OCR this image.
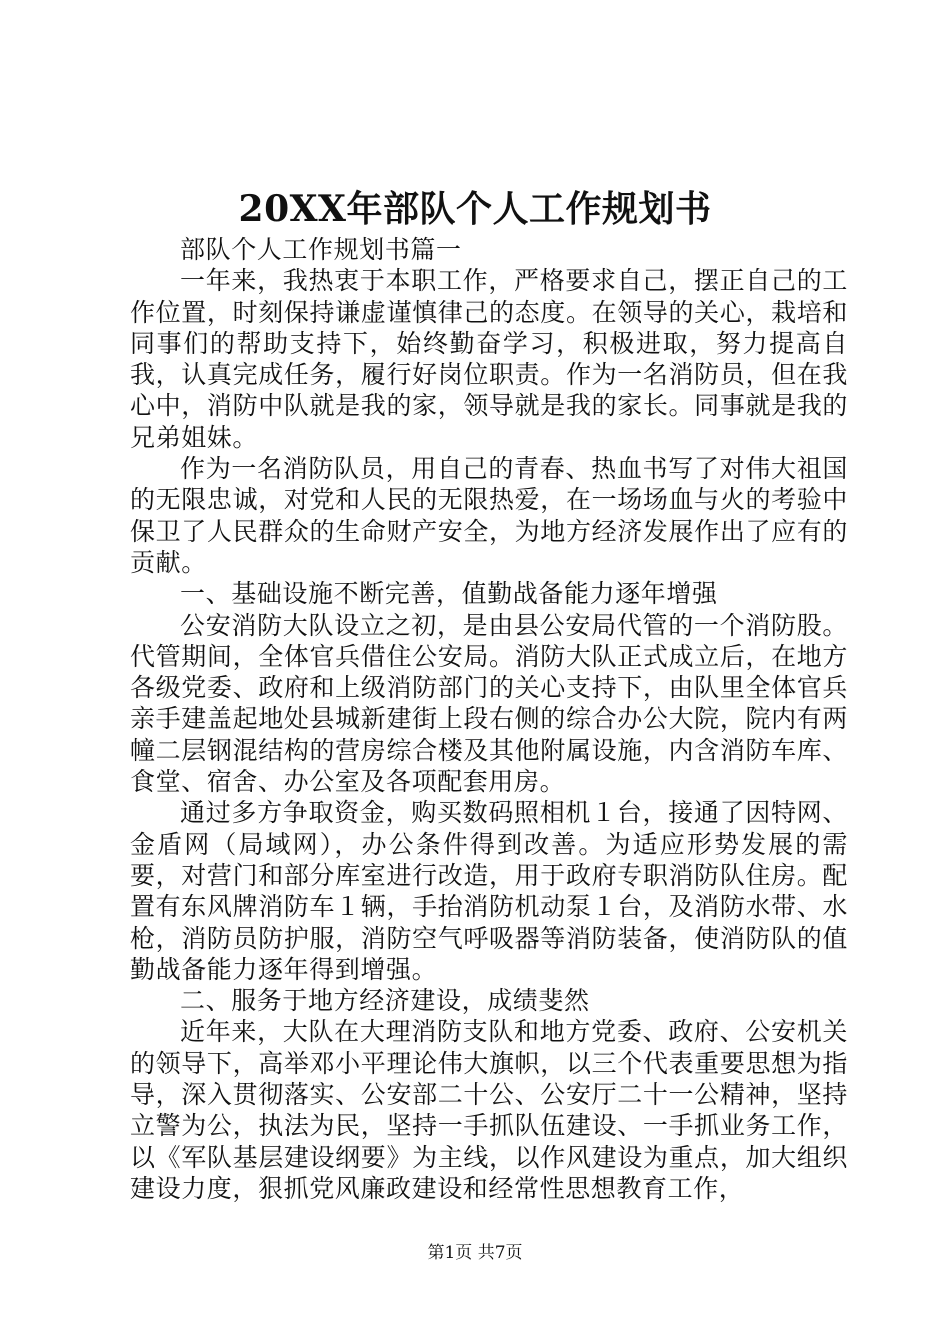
20XX年部队个人工作规划书

部队个人工作规划书篇一

一年来，我热衷于本职工作，严格要求自己，摆正自己的工作位置，时刻保持谦虚谨慎律己的态度。在领导的关心，栽培和同事们的帮助支持下，始终勤奋学习，积极进取，努力提高自我，认真完成任务，履行好岗位职责。作为一名消防员，但在我心中，消防中队就是我的家，领导就是我的家长。同事就是我的兄弟姐妹。

作为一名消防队员，用自己的青春、热血书写了对伟大祖国的无限忠诚，对党和人民的无限热爱，在一场场血与火的考验中保卫了人民群众的生命财产安全，为地方经济发展作出了应有的贡献。

一、基础设施不断完善，值勤战备能力逐年增强

公安消防大队设立之初，是由县公安局代管的一个消防股。代管期间，全体官兵借住公安局。消防大队正式成立后，在地方各级党委、政府和上级消防部门的关心支持下，由队里全体官兵亲手建盖起地处县城新建街上段右侧的综合办公大院，院内有两幢二层钢混结构的营房综合楼及其他附属设施，内含消防车库、食堂、宿舍、办公室及各项配套用房。

通过多方争取资金，购买数码照相机１台，接通了因特网、金盾网（局域网），办公条件得到改善。为适应形势发展的需要，对营门和部分库室进行改造，用于政府专职消防队住房。配置有东风牌消防车１辆，手抬消防机动泵１台，及消防水带、水枪，消防员防护服，消防空气呼吸器等消防装备，使消防队的值勤战备能力逐年得到增强。

二、服务于地方经济建设，成绩斐然

近年来，大队在大理消防支队和地方党委、政府、公安机关的领导下，高举邓小平理论伟大旗帜，以三个代表重要思想为指导，深入贯彻落实、公安部二十公、公安厅二十一公精神，坚持立警为公，执法为民，坚持一手抓队伍建设、一手抓业务工作，以《军队基层建设纲要》为主线，以作风建设为重点，加大组织建设力度，狠抓党风廉政建设和经常性思想教育工作，

第1页 共7页
